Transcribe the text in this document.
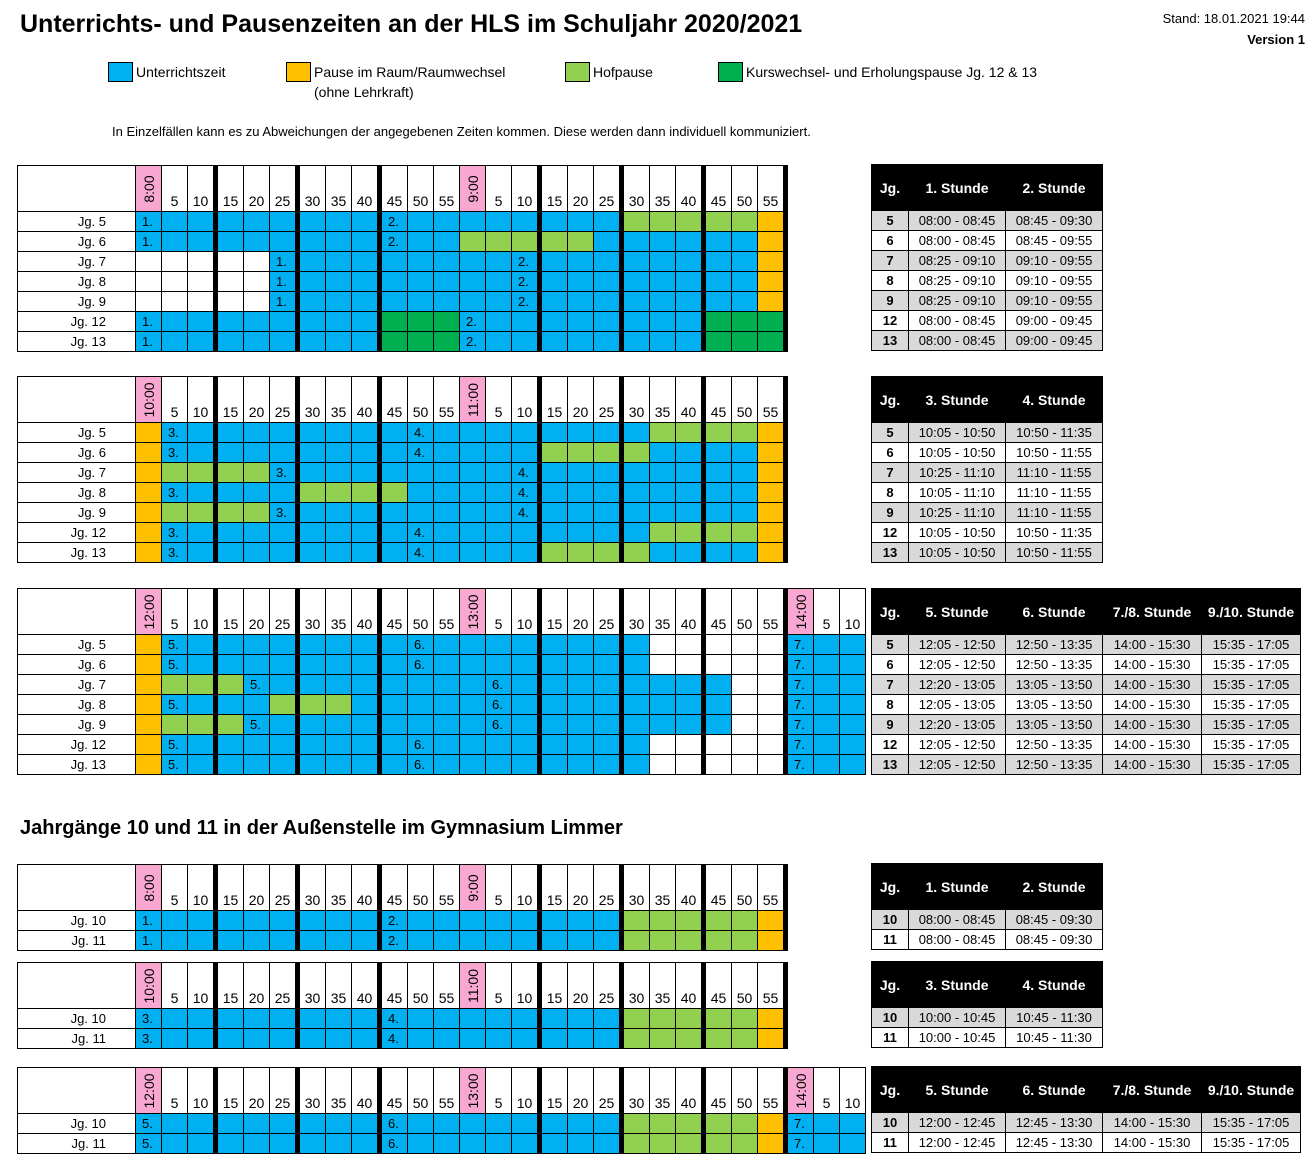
Unterrichts- und Pausenzeiten an der HLS im Schuljahr 2020/2021	Stand: 18.01.2021 19:44
Version 1
Unterrichtszeit	Pause im Raum/Raumwechsel
(ohne Lehrkraft)
Hofpause	Kurswechsel- und Erholungspause Jg. 12 & 13
In Einzelfällen kann es zu Abweichungen der angegebenen Zeiten kommen. Diese werden dann individuell kommuniziert.
Jahrgänge 10 und 11 in der Außenstelle im Gymnasium Limmer

	8:00	5	10	15	20	25	30	35	40	45	50	55	9:00	5	10	15	20	25	30	35	40	45	50	55
Jg. 5	1.									2.														
Jg. 6	1.									2.														
Jg. 7						1.									2.									
Jg. 8						1.									2.									
Jg. 9						1.									2.									
Jg. 12	1.												2.											
Jg. 13	1.												2.											

	10:00	5	10	15	20	25	30	35	40	45	50	55	11:00	5	10	15	20	25	30	35	40	45	50	55
Jg. 5		3.									4.													
Jg. 6		3.									4.													
Jg. 7						3.									4.									
Jg. 8		3.													4.									
Jg. 9						3.									4.									
Jg. 12		3.									4.													
Jg. 13		3.									4.													

	12:00	5	10	15	20	25	30	35	40	45	50	55	13:00	5	10	15	20	25	30	35	40	45	50	55	14:00	5	10
Jg. 5		5.									6.														7.		
Jg. 6		5.									6.														7.		
Jg. 7					5.									6.											7.		
Jg. 8		5.												6.											7.		
Jg. 9					5.									6.											7.		
Jg. 12		5.									6.														7.		
Jg. 13		5.									6.														7.		

	8:00	5	10	15	20	25	30	35	40	45	50	55	9:00	5	10	15	20	25	30	35	40	45	50	55
Jg. 10	1.									2.														
Jg. 11	1.									2.														

	10:00	5	10	15	20	25	30	35	40	45	50	55	11:00	5	10	15	20	25	30	35	40	45	50	55
Jg. 10	3.									4.														
Jg. 11	3.									4.														

	12:00	5	10	15	20	25	30	35	40	45	50	55	13:00	5	10	15	20	25	30	35	40	45	50	55	14:00	5	10
Jg. 10	5.									6.															7.		
Jg. 11	5.									6.															7.		
Jg.	1. Stunde	2. Stunde
5	08:00 - 08:45	08:45 - 09:30
6	08:00 - 08:45	08:45 - 09:55
7	08:25 - 09:10	09:10 - 09:55
8	08:25 - 09:10	09:10 - 09:55
9	08:25 - 09:10	09:10 - 09:55
12	08:00 - 08:45	09:00 - 09:45
13	08:00 - 08:45	09:00 - 09:45
Jg.	3. Stunde	4. Stunde
5	10:05 - 10:50	10:50 - 11:35
6	10:05 - 10:50	10:50 - 11:55
7	10:25 - 11:10	11:10 - 11:55
8	10:05 - 11:10	11:10 - 11:55
9	10:25 - 11:10	11:10 - 11:55
12	10:05 - 10:50	10:50 - 11:35
13	10:05 - 10:50	10:50 - 11:55
Jg.	5. Stunde	6. Stunde	7./8. Stunde	9./10. Stunde
5	12:05 - 12:50	12:50 - 13:35	14:00 - 15:30	15:35 - 17:05
6	12:05 - 12:50	12:50 - 13:35	14:00 - 15:30	15:35 - 17:05
7	12:20 - 13:05	13:05 - 13:50	14:00 - 15:30	15:35 - 17:05
8	12:05 - 13:05	13:05 - 13:50	14:00 - 15:30	15:35 - 17:05
9	12:20 - 13:05	13:05 - 13:50	14:00 - 15:30	15:35 - 17:05
12	12:05 - 12:50	12:50 - 13:35	14:00 - 15:30	15:35 - 17:05
13	12:05 - 12:50	12:50 - 13:35	14:00 - 15:30	15:35 - 17:05
Jg.	1. Stunde	2. Stunde
10	08:00 - 08:45	08:45 - 09:30
11	08:00 - 08:45	08:45 - 09:30
Jg.	3. Stunde	4. Stunde
10	10:00 - 10:45	10:45 - 11:30
11	10:00 - 10:45	10:45 - 11:30
Jg.	5. Stunde	6. Stunde	7./8. Stunde	9./10. Stunde
10	12:00 - 12:45	12:45 - 13:30	14:00 - 15:30	15:35 - 17:05
11	12:00 - 12:45	12:45 - 13:30	14:00 - 15:30	15:35 - 17:05
